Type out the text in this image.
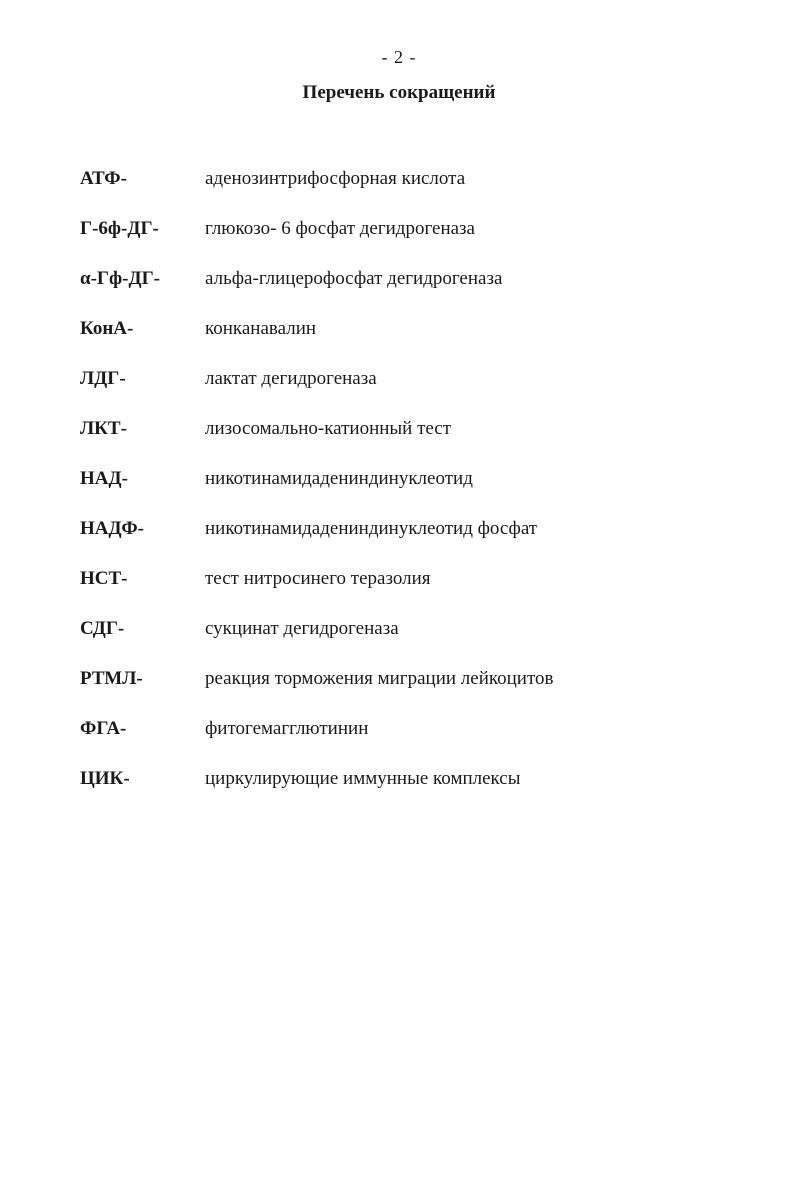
- 2 -
Перечень сокращений
АТФ-	аденозинтрифосфорная кислота
Г-6ф-ДГ-	глюкозо- 6 фосфат дегидрогеназа
α-Гф-ДГ-	альфа-глицерофосфат дегидрогеназа
КонА-	конканавалин
ЛДГ-	лактат дегидрогеназа
ЛКТ-	лизосомально-катионный тест
НАД-	никотинамидадениндинуклеотид
НАДФ-	никотинамидадениндинуклеотид фосфат
НСТ-	тест нитросинего теразолия
СДГ-	сукцинат дегидрогеназа
РТМЛ-	реакция торможения миграции лейкоцитов
ФГА-	фитогемагглютинин
ЦИК-	циркулирующие иммунные комплексы
